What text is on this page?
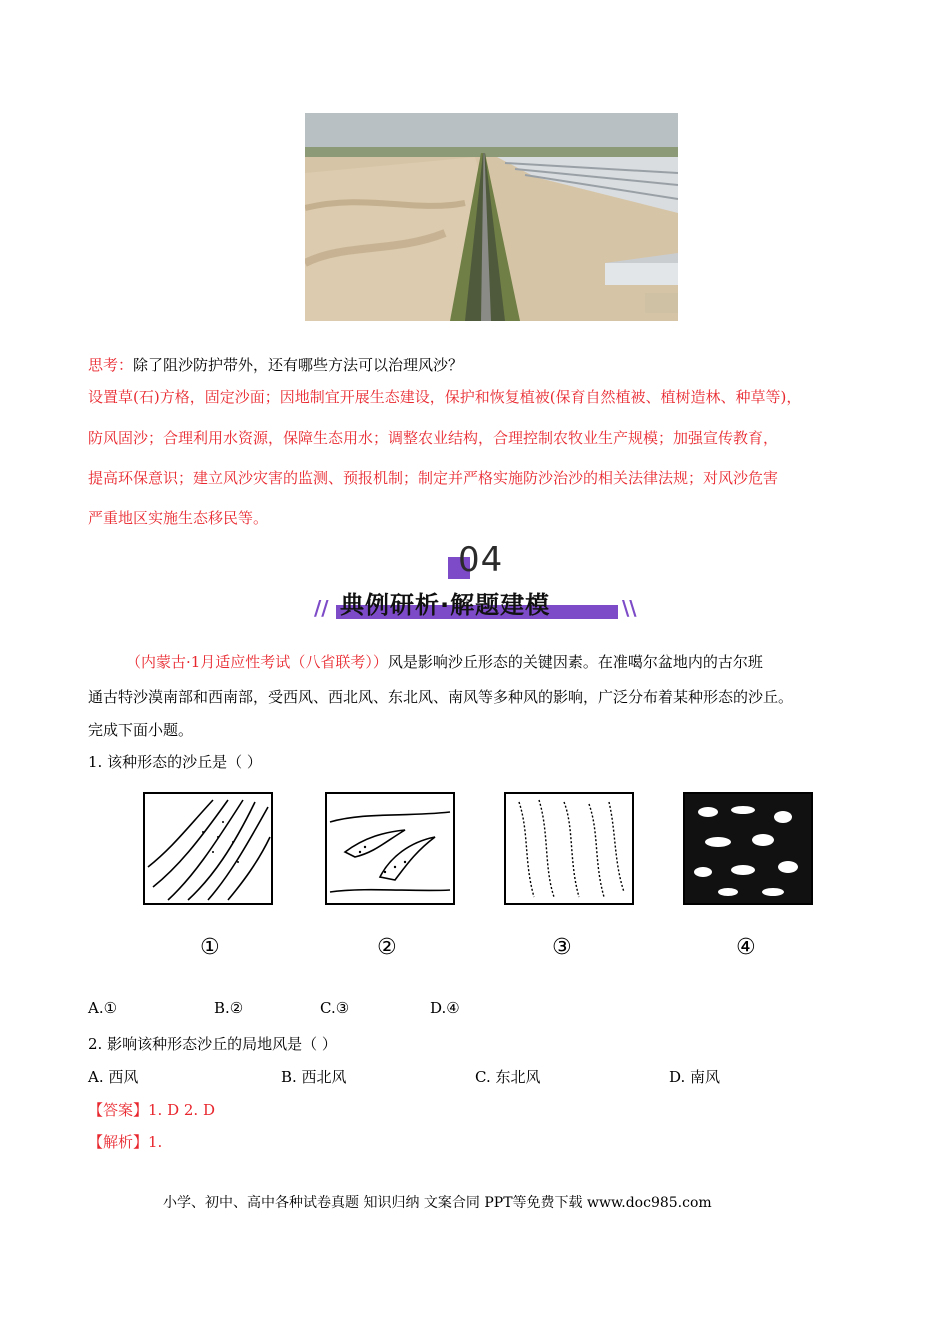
思考：除了阻沙防护带外，还有哪些方法可以治理风沙？
设置草(石)方格，固定沙面；因地制宜开展生态建设，保护和恢复植被(保育自然植被、植树造林、种草等)，
防风固沙；合理利用水资源，保障生态用水；调整农业结构，合理控制农牧业生产规模；加强宣传教育，
提高环保意识；建立风沙灾害的监测、预报机制；制定并严格实施防沙治沙的相关法律法规；对风沙危害
严重地区实施生态移民等。
04
// 典例研析·解题建模	\\
（内蒙古·1月适应性考试（八省联考））风是影响沙丘形态的关键因素。在准噶尔盆地内的古尔班
通古特沙漠南部和西南部，受西风、西北风、东北风、南风等多种风的影响，广泛分布着某种形态的沙丘。
完成下面小题。
1. 该种形态的沙丘是（ ）
①	②	③	④
A.①	B.②	C.③	D.④
2. 影响该种形态沙丘的局地风是（ ）
A. 西风	B. 西北风	C. 东北风	D. 南风
【答案】1. D 2. D
【解析】1.
小学、初中、高中各种试卷真题 知识归纳 文案合同 PPT等免费下载 www.doc985.com
